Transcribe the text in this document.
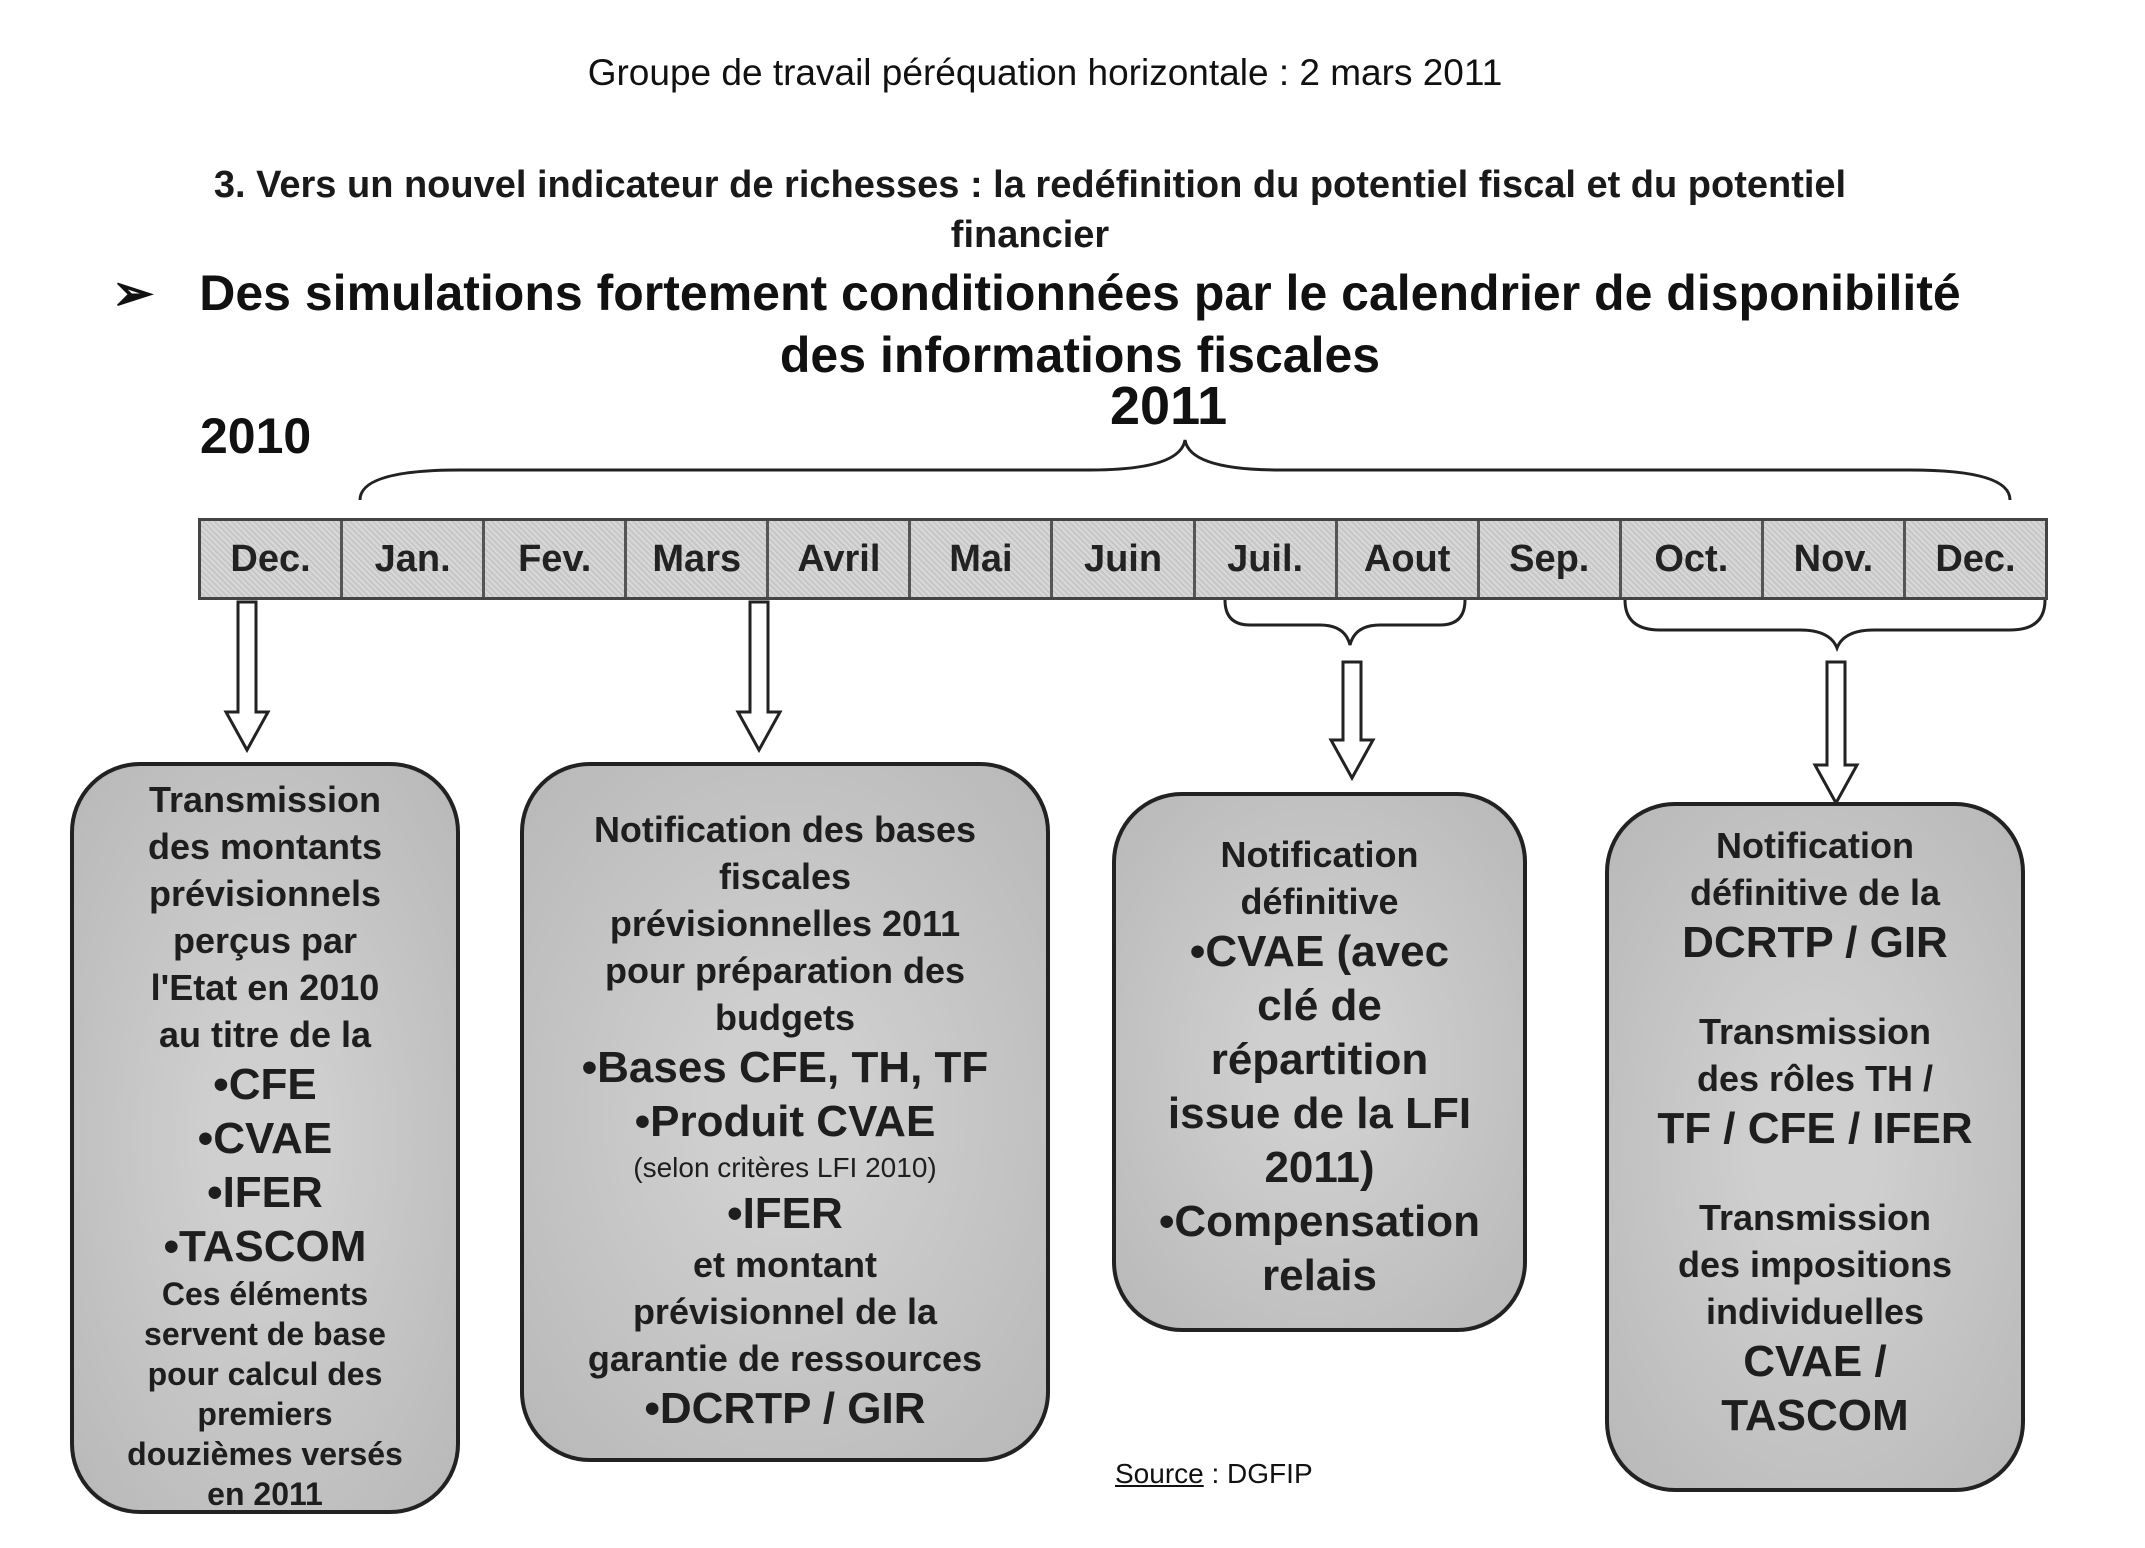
Groupe de travail péréquation horizontale : 2 mars 2011
3. Vers un nouvel indicateur de richesses : la redéfinition du potentiel fiscal et du potentiel
financier
➢ Des simulations fortement conditionnées par le calendrier de disponibilité
des informations fiscales
2010	2011
Dec.	Jan.	Fev.	Mars	Avril	Mai	Juin	Juil.	Aout	Sep.	Oct.	Nov.	Dec.
Transmission
des montants
prévisionnels
perçus par
l'Etat en 2010
au titre de la
•CFE
•CVAE
•IFER
•TASCOM
Ces éléments
servent de base
pour calcul des
premiers
douzièmes versés
en 2011
Notification des bases
fiscales
prévisionnelles 2011
pour préparation des
budgets
•Bases CFE, TH, TF
•Produit CVAE
(selon critères LFI 2010)
•IFER
et montant
prévisionnel de la
garantie de ressources
•DCRTP / GIR
Notification
définitive
•CVAE (avec
clé de
répartition
issue de la LFI
2011)
•Compensation
relais
Notification
définitive de la
DCRTP / GIR
Transmission
des rôles TH /
TF / CFE / IFER
Transmission
des impositions
individuelles
CVAE /
TASCOM
Source : DGFIP
